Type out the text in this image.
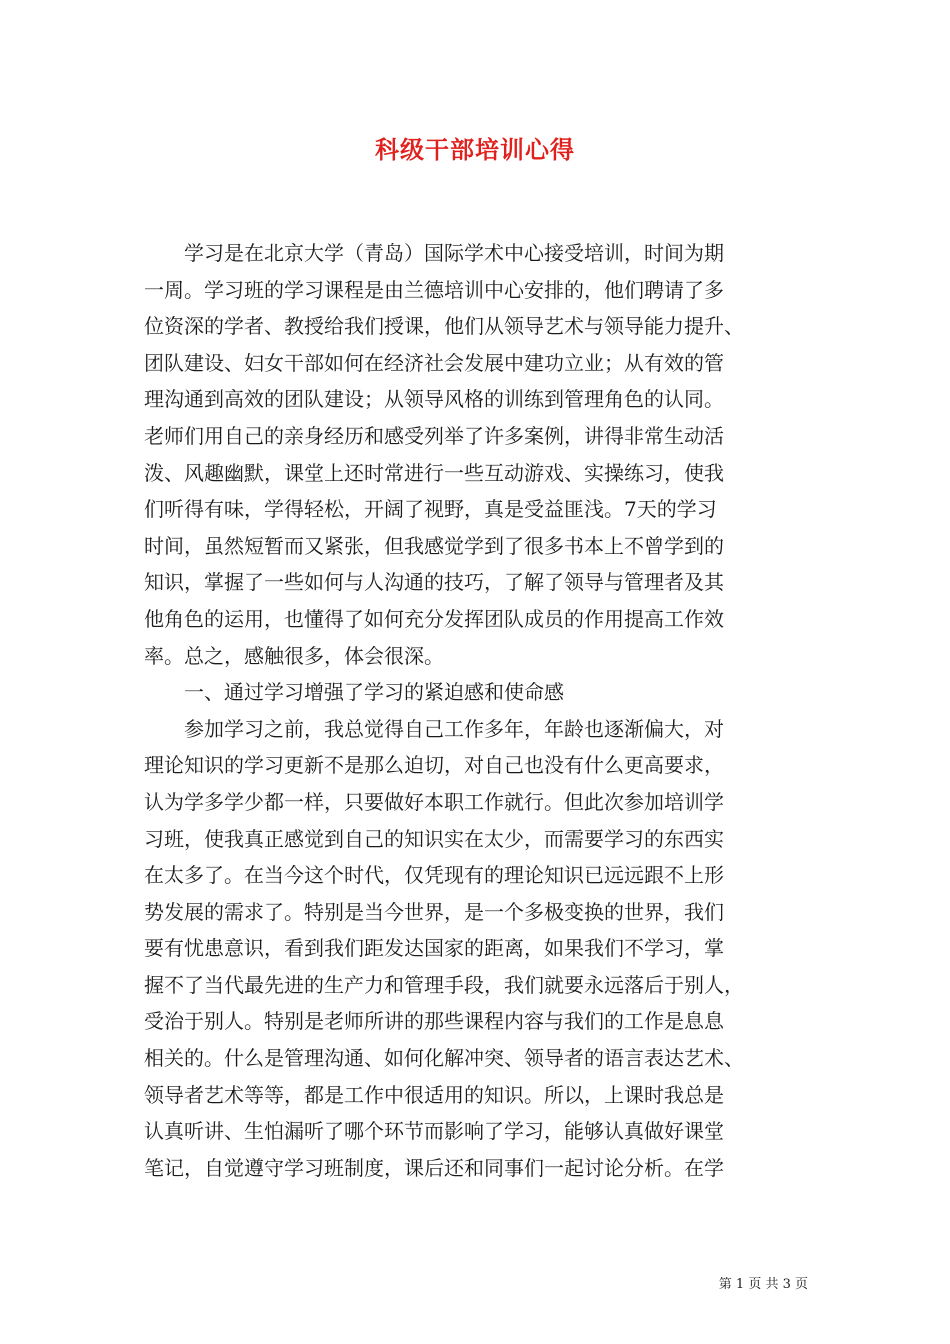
科级干部培训心得
　　学习是在北京大学（青岛）国际学术中心接受培训，时间为期
一周。学习班的学习课程是由兰德培训中心安排的，他们聘请了多
位资深的学者、教授给我们授课，他们从领导艺术与领导能力提升、
团队建设、妇女干部如何在经济社会发展中建功立业；从有效的管
理沟通到高效的团队建设；从领导风格的训练到管理角色的认同。
老师们用自己的亲身经历和感受列举了许多案例，讲得非常生动活
泼、风趣幽默，课堂上还时常进行一些互动游戏、实操练习，使我
们听得有味，学得轻松，开阔了视野，真是受益匪浅。7天的学习
时间，虽然短暂而又紧张，但我感觉学到了很多书本上不曾学到的
知识，掌握了一些如何与人沟通的技巧，了解了领导与管理者及其
他角色的运用，也懂得了如何充分发挥团队成员的作用提高工作效
率。总之，感触很多，体会很深。
　　一、通过学习增强了学习的紧迫感和使命感
　　参加学习之前，我总觉得自己工作多年，年龄也逐渐偏大，对
理论知识的学习更新不是那么迫切，对自己也没有什么更高要求，
认为学多学少都一样，只要做好本职工作就行。但此次参加培训学
习班，使我真正感觉到自己的知识实在太少，而需要学习的东西实
在太多了。在当今这个时代，仅凭现有的理论知识已远远跟不上形
势发展的需求了。特别是当今世界，是一个多极变换的世界，我们
要有忧患意识，看到我们距发达国家的距离，如果我们不学习，掌
握不了当代最先进的生产力和管理手段，我们就要永远落后于别人，
受治于别人。特别是老师所讲的那些课程内容与我们的工作是息息
相关的。什么是管理沟通、如何化解冲突、领导者的语言表达艺术、
领导者艺术等等，都是工作中很适用的知识。所以，上课时我总是
认真听讲、生怕漏听了哪个环节而影响了学习，能够认真做好课堂
笔记，自觉遵守学习班制度，课后还和同事们一起讨论分析。在学
第 1 页 共 3 页
